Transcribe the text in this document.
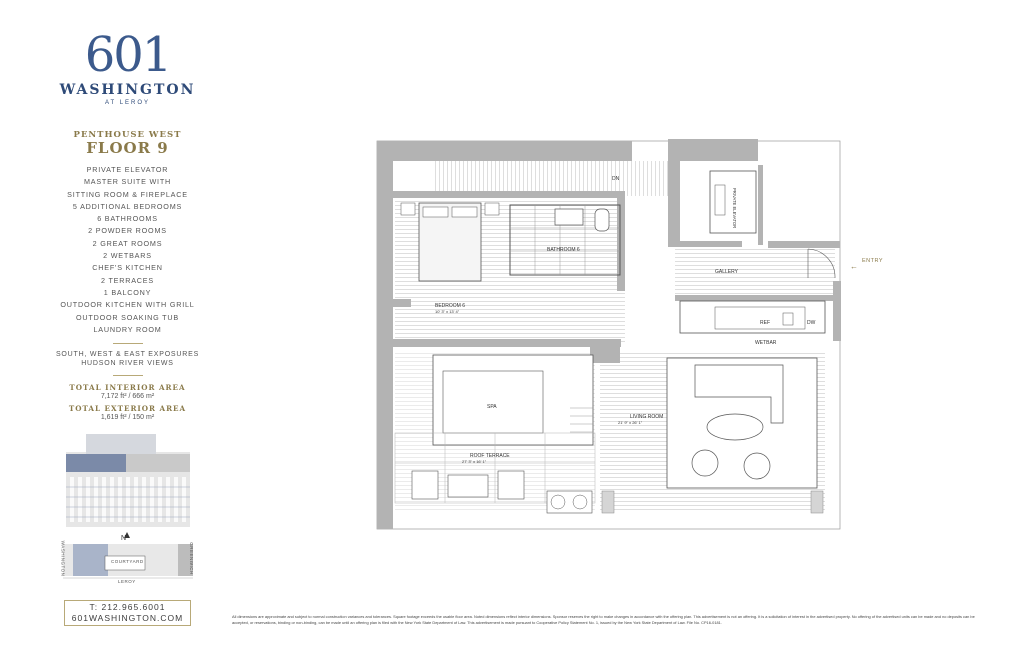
601
WASHINGTON
AT LEROY
PENTHOUSE WEST
FLOOR 9
PRIVATE ELEVATOR
MASTER SUITE WITH
SITTING ROOM & FIREPLACE
5 ADDITIONAL BEDROOMS
6 BATHROOMS
2 POWDER ROOMS
2 GREAT ROOMS
2 WETBARS
CHEF'S KITCHEN
2 TERRACES
1 BALCONY
OUTDOOR KITCHEN WITH GRILL
OUTDOOR SOAKING TUB
LAUNDRY ROOM
SOUTH, WEST & EAST EXPOSURES
HUDSON RIVER VIEWS
TOTAL INTERIOR AREA
7,172 ft² / 666 m²
TOTAL EXTERIOR AREA
1,619 ft² / 150 m²
N
COURTYARD
WASHINGTON	GREENWICH
LEROY
T: 212.965.6001
601WASHINGTON.COM	All dimensions are approximate and subject to normal construction variances and tolerances. Square footage exceeds the usable floor area. Noted dimensions reflect interior dimensions. Sponsor reserves the right to make changes in accordance with the offering plan. This advertisement is not an offering. It is a solicitation of interest in the advertised property. No offering of the advertised units can be made and no deposits can be accepted, or reservations, binding or non-binding, can be made until an offering plan is filed with the New York State Department of Law. This advertisement is made pursuant to Cooperative Policy Statement No. 1, issued by the New York State Department of Law. File No. CP16-0181.
BEDROOM 6
10' 3" x 13' 4"
BATHROOM 6
GALLERY
DN
REF	DW
WETBAR
SPA
LIVING ROOM
21' 9" x 26' 1"
ROOF TERRACE
27' 3" x 16' 1"
PRIVATE ELEVATOR
←
ENTRY
